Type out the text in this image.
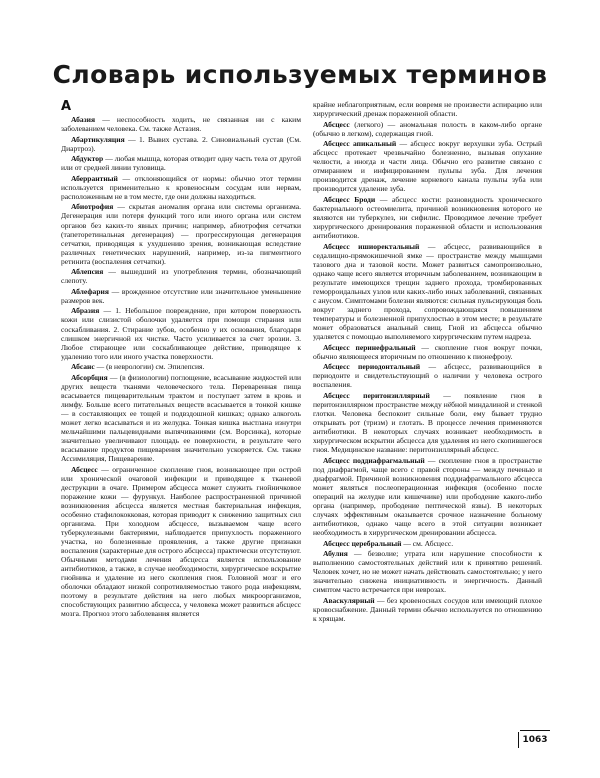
Словарь используемых терминов
A

Абазия — неспособность ходить, не связанная ни с каким заболеванием человека. См. также Астазия.

Абартикуляция — 1. Вывих сустава. 2. Синовиальный сустав (См. Диартроз).

Абдуктор — любая мышца, которая отводит одну часть тела от другой или от средней линии туловища.

Аберрантный — отклоняющийся от нормы: обычно этот термин используется применительно к кровеносным сосудам или нервам, расположенным не в том месте, где они должны находиться.

Абиотрофия — скрытая аномалия органа или системы организма. Дегенерация или потеря функций того или иного органа или систем органов без каких-то явных причин; например, абиотрофия сетчатки (тапеторетинальная дегенерация) — прогрессирующая дегенерация сетчатки, приводящая к ухудшению зрения, возникающая вследствие различных генетических нарушений, например, из-за пигментного ретинита (воспаления сетчатки).

Аблепсия — вышедший из употребления термин, обозначающий слепоту.

Аблефария — врожденное отсутствие или значительное уменьшение размеров век.

Абразия — 1. Небольшое повреждение, при котором поверхность кожи или слизистой оболочки удаляется при помощи стирания или соскабливания. 2. Стирание зубов, особенно у их основания, благодаря слишком энергичной их чистке. Часто усиливается за счет эрозии. 3. Любое стирающее или соскабливающее действие, приводящее к удалению того или иного участка поверхности.

Абсанс — (в неврологии) см. Эпилепсия.

Абсорбция — (в физиологии) поглощение, всасывание жидкостей или других веществ тканями человеческого тела. Переваренная пища всасывается пищеварительным трактом и поступает затем в кровь и лимфу. Больше всего питательных веществ всасывается в тонкой кишке — в составляющих ее тощей и подвздошной кишках; однако алкоголь может легко всасываться и из желудка. Тонкая кишка выстлана изнутри мельчайшими пальцевидными выпячиваниями (см. Ворсинка), которые значительно увеличивают площадь ее поверхности, в результате чего всасывание продуктов пищеварения значительно ускоряется. См. также Ассимиляция, Пищеварение.

Абсцесс — ограниченное скопление гноя, возникающее при острой или хронической очаговой инфекции и приводящее к тканевой деструкции в очаге. Примером абсцесса может служить гнойничковое поражение кожи — фурункул. Наиболее распространенной причиной возникновения абсцесса является местная бактериальная инфекция, особенно стафилококковая, которая приводит к снижению защитных сил организма. При холодном абсцессе, вызываемом чаще всего туберкулезными бактериями, наблюдается припухлость пораженного участка, но болезненные проявления, а также другие признаки воспаления (характерные для острого абсцесса) практически отсутствуют. Обычными методами лечения абсцесса является использование антибиотиков, а также, в случае необходимости, хирургическое вскрытие гнойника и удаление из него скопления гноя. Головной мозг и его оболочки обладают низкой сопротивляемостью такого рода инфекциям, поэтому в результате действия на него любых микроорганизмов, способствующих развитию абсцесса, у человека может развиться абсцесс мозга. Прогноз этого заболевания является

крайне неблагоприятным, если вовремя не произвести аспирацию или хирургический дренаж пораженной области.

Абсцесс (легкого) — аномальная полость в каком-либо органе (обычно в легком), содержащая гной.

Абсцесс апикальный — абсцесс вокруг верхушки зуба. Острый абсцесс протекает чрезвычайно болезненно, вызывая опухание челюсти, а иногда и части лица. Обычно его развитие связано с отмиранием и инфицированием пульпы зуба. Для лечения производится дренаж, лечение корневого канала пульпы зуба или производится удаление зуба.

Абсцесс Броди — абсцесс кости: разновидность хронического бактериального остеомиелита, причиной возникновения которого не являются ни туберкулез, ни сифилис. Проводимое лечение требует хирургического дренирования пораженной области и использования антибиотиков.

Абсцесс ишиоректальный — абсцесс, развивающийся в седалищно-прямокишечной ямке — пространстве между мышцами тазового дна и тазовой кости. Может развиться самопроизвольно, однако чаще всего является вторичным заболеванием, возникающим в результате имеющихся трещин заднего прохода, тромбированных геморроидальных узлов или каких-либо иных заболеваний, связанных с анусом. Симптомами болезни являются: сильная пульсирующая боль вокруг заднего прохода, сопровождающаяся повышением температуры и болезненной припухлостью в этом месте; в результате может образоваться анальный свищ. Гной из абсцесса обычно удаляется с помощью выполняемого хирургическим путем надреза.

Абсцесс перинефральный — скопление гноя вокруг почки, обычно являющееся вторичным по отношению к пионефрозу.

Абсцесс периодонтальный — абсцесс, развивающийся в периодонте и свидетельствующий о наличии у человека острого воспаления.

Абсцесс перитонзиллярный — появление гноя в перитонзиллярном пространстве между нёбной миндалиной и стенкой глотки. Человека беспокоит сильные боли, ему бывает трудно открывать рот (тризм) и глотать. В процессе лечения применяются антибиотики. В некоторых случаях возникает необходимость в хирургическом вскрытии абсцесса для удаления из него скопившегося гноя. Медицинское название: перитонзиллярный абсцесс.

Абсцесс поддиафрагмальный — скопление гноя в пространстве под диафрагмой, чаще всего с правой стороны — между печенью и диафрагмой. Причиной возникновения поддиафрагмального абсцесса может являться послеоперационная инфекция (особенно после операций на желудке или кишечнике) или прободение какого-либо органа (например, прободение пептической язвы). В некоторых случаях эффективным оказывается срочное назначение больному антибиотиков, однако чаще всего в этой ситуации возникает необходимость в хирургическом дренировании абсцесса.

Абсцесс церебральный — см. Абсцесс.

Абулия — безволие; утрата или нарушение способности к выполнению самостоятельных действий или к принятию решений. Человек хочет, но не может начать действовать самостоятельно; у него значительно снижена инициативность и энергичность. Данный симптом часто встречается при неврозах.

Аваскулярный — без кровеносных сосудов или имеющий плохое кровоснабжение. Данный термин обычно используется по отношению к хрящам.

1063
